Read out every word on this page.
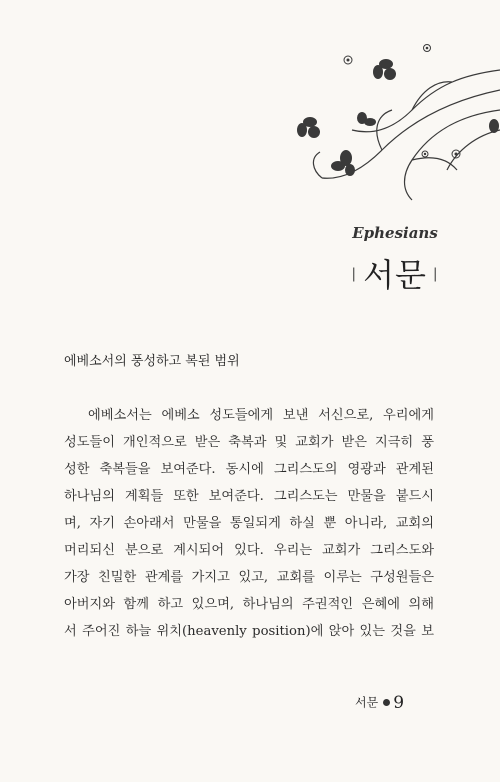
Ephesians
| 서문 |
에베소서의 풍성하고 복된 범위
에베소서는 에베소 성도들에게 보낸 서신으로, 우리에게
성도들이 개인적으로 받은 축복과 및 교회가 받은 지극히 풍
성한 축복들을 보여준다. 동시에 그리스도의 영광과 관계된
하나님의 계획들 또한 보여준다. 그리스도는 만물을 붙드시
며, 자기 손아래서 만물을 통일되게 하실 뿐 아니라, 교회의
머리되신 분으로 계시되어 있다. 우리는 교회가 그리스도와
가장 친밀한 관계를 가지고 있고, 교회를 이루는 구성원들은
아버지와 함께 하고 있으며, 하나님의 주권적인 은혜에 의해
서 주어진 하늘 위치(heavenly position)에 앉아 있는 것을 보
서문 9
